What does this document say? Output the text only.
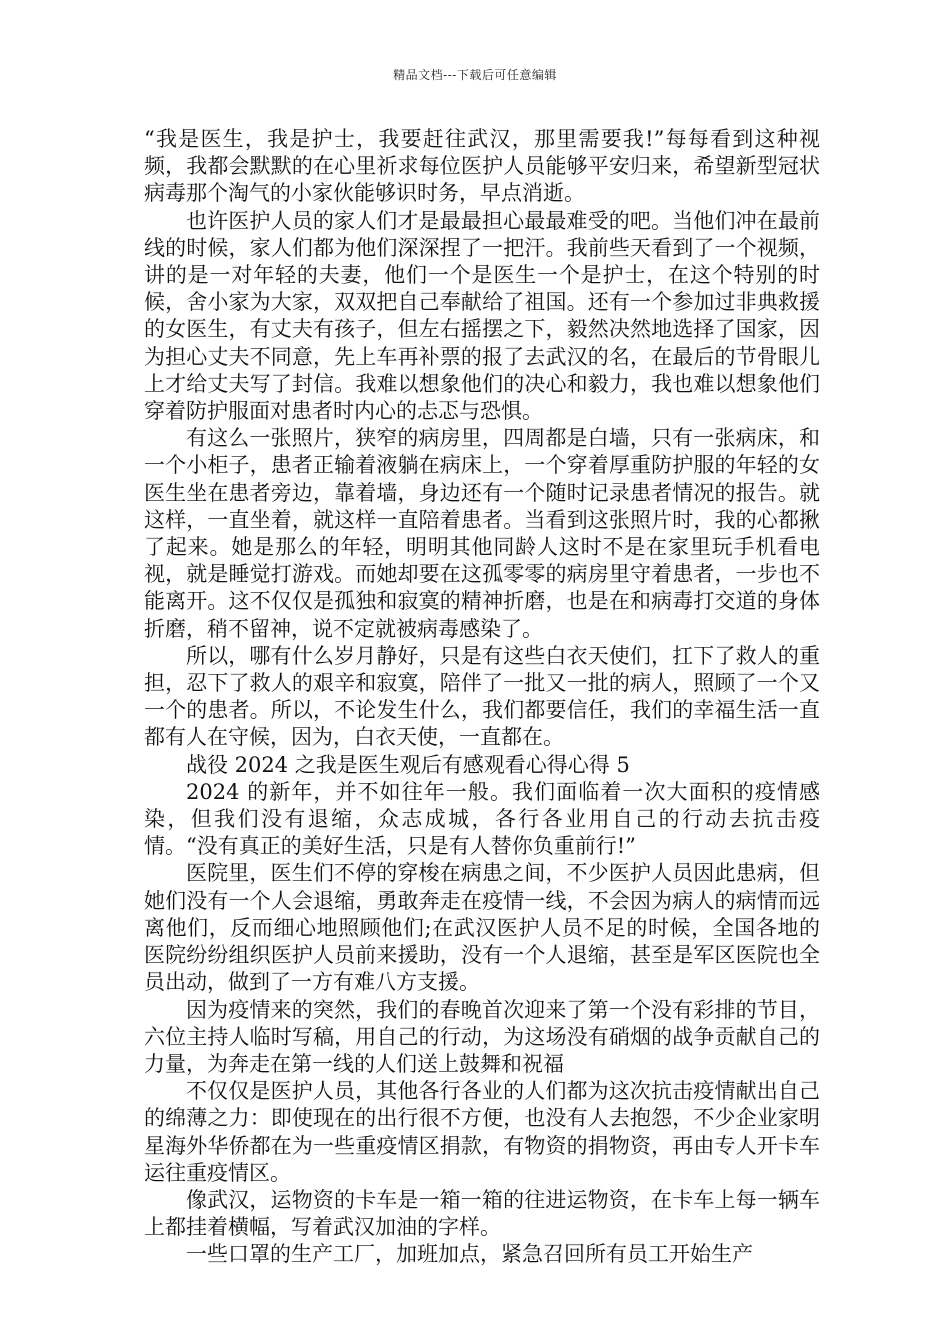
精品文档---下载后可任意编辑

“我是医生，我是护士，我要赶往武汉，那里需要我!”每每看到这种视频，我都会默默的在心里祈求每位医护人员能够平安归来，希望新型冠状病毒那个淘气的小家伙能够识时务，早点消逝。

也许医护人员的家人们才是最最担心最最难受的吧。当他们冲在最前线的时候，家人们都为他们深深捏了一把汗。我前些天看到了一个视频，讲的是一对年轻的夫妻，他们一个是医生一个是护士，在这个特别的时候，舍小家为大家，双双把自己奉献给了祖国。还有一个参加过非典救援的女医生，有丈夫有孩子，但左右摇摆之下，毅然决然地选择了国家，因为担心丈夫不同意，先上车再补票的报了去武汉的名，在最后的节骨眼儿上才给丈夫写了封信。我难以想象他们的决心和毅力，我也难以想象他们穿着防护服面对患者时内心的忐忑与恐惧。

有这么一张照片，狭窄的病房里，四周都是白墙，只有一张病床，和一个小柜子，患者正输着液躺在病床上，一个穿着厚重防护服的年轻的女医生坐在患者旁边，靠着墙，身边还有一个随时记录患者情况的报告。就这样，一直坐着，就这样一直陪着患者。当看到这张照片时，我的心都揪了起来。她是那么的年轻，明明其他同龄人这时不是在家里玩手机看电视，就是睡觉打游戏。而她却要在这孤零零的病房里守着患者，一步也不能离开。这不仅仅是孤独和寂寞的精神折磨，也是在和病毒打交道的身体折磨，稍不留神，说不定就被病毒感染了。

所以，哪有什么岁月静好，只是有这些白衣天使们，扛下了救人的重担，忍下了救人的艰辛和寂寞，陪伴了一批又一批的病人，照顾了一个又一个的患者。所以，不论发生什么，我们都要信任，我们的幸福生活一直都有人在守候，因为，白衣天使，一直都在。

战役 2024 之我是医生观后有感观看心得心得 5

2024 的新年，并不如往年一般。我们面临着一次大面积的疫情感染，但我们没有退缩，众志成城，各行各业用自己的行动去抗击疫情。“没有真正的美好生活，只是有人替你负重前行!”

医院里，医生们不停的穿梭在病患之间，不少医护人员因此患病，但她们没有一个人会退缩，勇敢奔走在疫情一线，不会因为病人的病情而远离他们，反而细心地照顾他们;在武汉医护人员不足的时候，全国各地的医院纷纷组织医护人员前来援助，没有一个人退缩，甚至是军区医院也全员出动，做到了一方有难八方支援。

因为疫情来的突然，我们的春晚首次迎来了第一个没有彩排的节目，六位主持人临时写稿，用自己的行动，为这场没有硝烟的战争贡献自己的力量，为奔走在第一线的人们送上鼓舞和祝福

不仅仅是医护人员，其他各行各业的人们都为这次抗击疫情献出自己的绵薄之力：即使现在的出行很不方便，也没有人去抱怨，不少企业家明星海外华侨都在为一些重疫情区捐款，有物资的捐物资，再由专人开卡车运往重疫情区。

像武汉，运物资的卡车是一箱一箱的往进运物资，在卡车上每一辆车上都挂着横幅，写着武汉加油的字样。

一些口罩的生产工厂，加班加点，紧急召回所有员工开始生产
